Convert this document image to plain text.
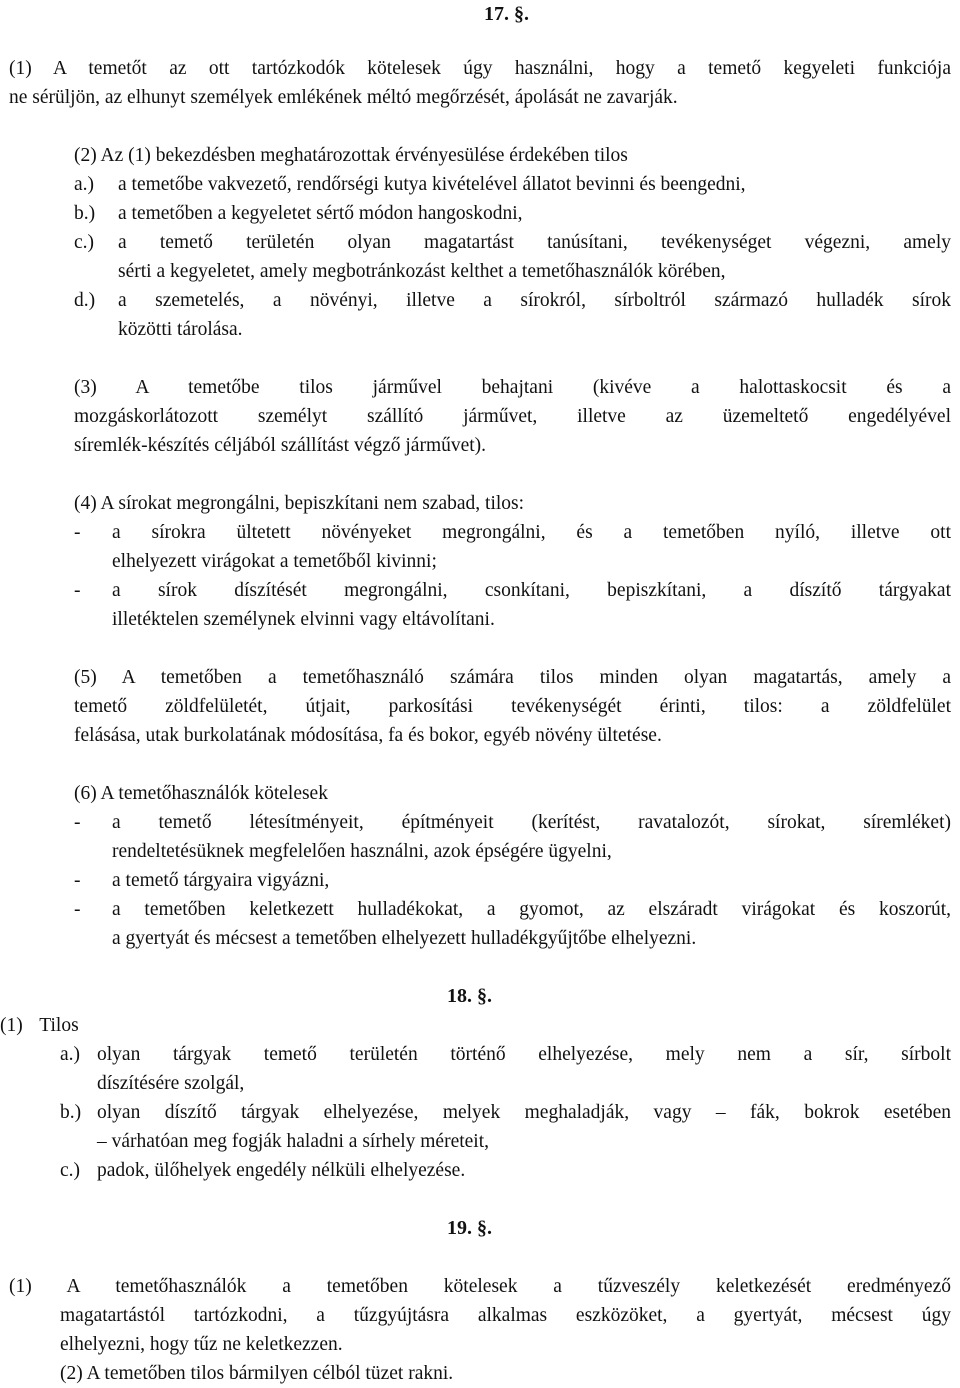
17. §.
(1) A temetőt az ott tartózkodók kötelesek úgy használni, hogy a temető kegyeleti funkciója
ne sérüljön, az elhunyt személyek emlékének méltó megőrzését, ápolását ne zavarják.
(2) Az (1) bekezdésben meghatározottak érvényesülése érdekében tilos
a.) a temetőbe vakvezető, rendőrségi kutya kivételével állatot bevinni és beengedni,
b.) a temetőben a kegyeletet sértő módon hangoskodni,
c.) a temető területén olyan magatartást tanúsítani, tevékenységet végezni, amely
sérti a kegyeletet, amely megbotránkozást kelthet a temetőhasználók körében,
d.) a szemetelés, a növényi, illetve a sírokról, sírboltról származó hulladék sírok
közötti tárolása.
(3) A temetőbe tilos járművel behajtani (kivéve a halottaskocsit és a
mozgáskorlátozott személyt szállító járművet, illetve az üzemeltető engedélyével
síremlék-készítés céljából szállítást végző járművet).
(4) A sírokat megrongálni, bepiszkítani nem szabad, tilos:
- a sírokra ültetett növényeket megrongálni, és a temetőben nyíló, illetve ott
elhelyezett virágokat a temetőből kivinni;
- a sírok díszítését megrongálni, csonkítani, bepiszkítani, a díszítő tárgyakat
illetéktelen személynek elvinni vagy eltávolítani.
(5) A temetőben a temetőhasználó számára tilos minden olyan magatartás, amely a
temető zöldfelületét, útjait, parkosítási tevékenységét érinti, tilos: a zöldfelület
felásása, utak burkolatának módosítása, fa és bokor, egyéb növény ültetése.
(6) A temetőhasználók kötelesek
- a temető létesítményeit, építményeit (kerítést, ravatalozót, sírokat, síremléket)
rendeltetésüknek megfelelően használni, azok épségére ügyelni,
- a temető tárgyaira vigyázni,
- a temetőben keletkezett hulladékokat, a gyomot, az elszáradt virágokat és koszorút,
a gyertyát és mécsest a temetőben elhelyezett hulladékgyűjtőbe elhelyezni.
18. §.
(1) Tilos
a.) olyan tárgyak temető területén történő elhelyezése, mely nem a sír, sírbolt
díszítésére szolgál,
b.) olyan díszítő tárgyak elhelyezése, melyek meghaladják, vagy – fák, bokrok esetében
– várhatóan meg fogják haladni a sírhely méreteit,
c.) padok, ülőhelyek engedély nélküli elhelyezése.
19. §.
(1) A temetőhasználók a temetőben kötelesek a tűzveszély keletkezését eredményező
magatartástól tartózkodni, a tűzgyújtásra alkalmas eszközöket, a gyertyát, mécsest úgy
elhelyezni, hogy tűz ne keletkezzen.
(2) A temetőben tilos bármilyen célból tüzet rakni.
